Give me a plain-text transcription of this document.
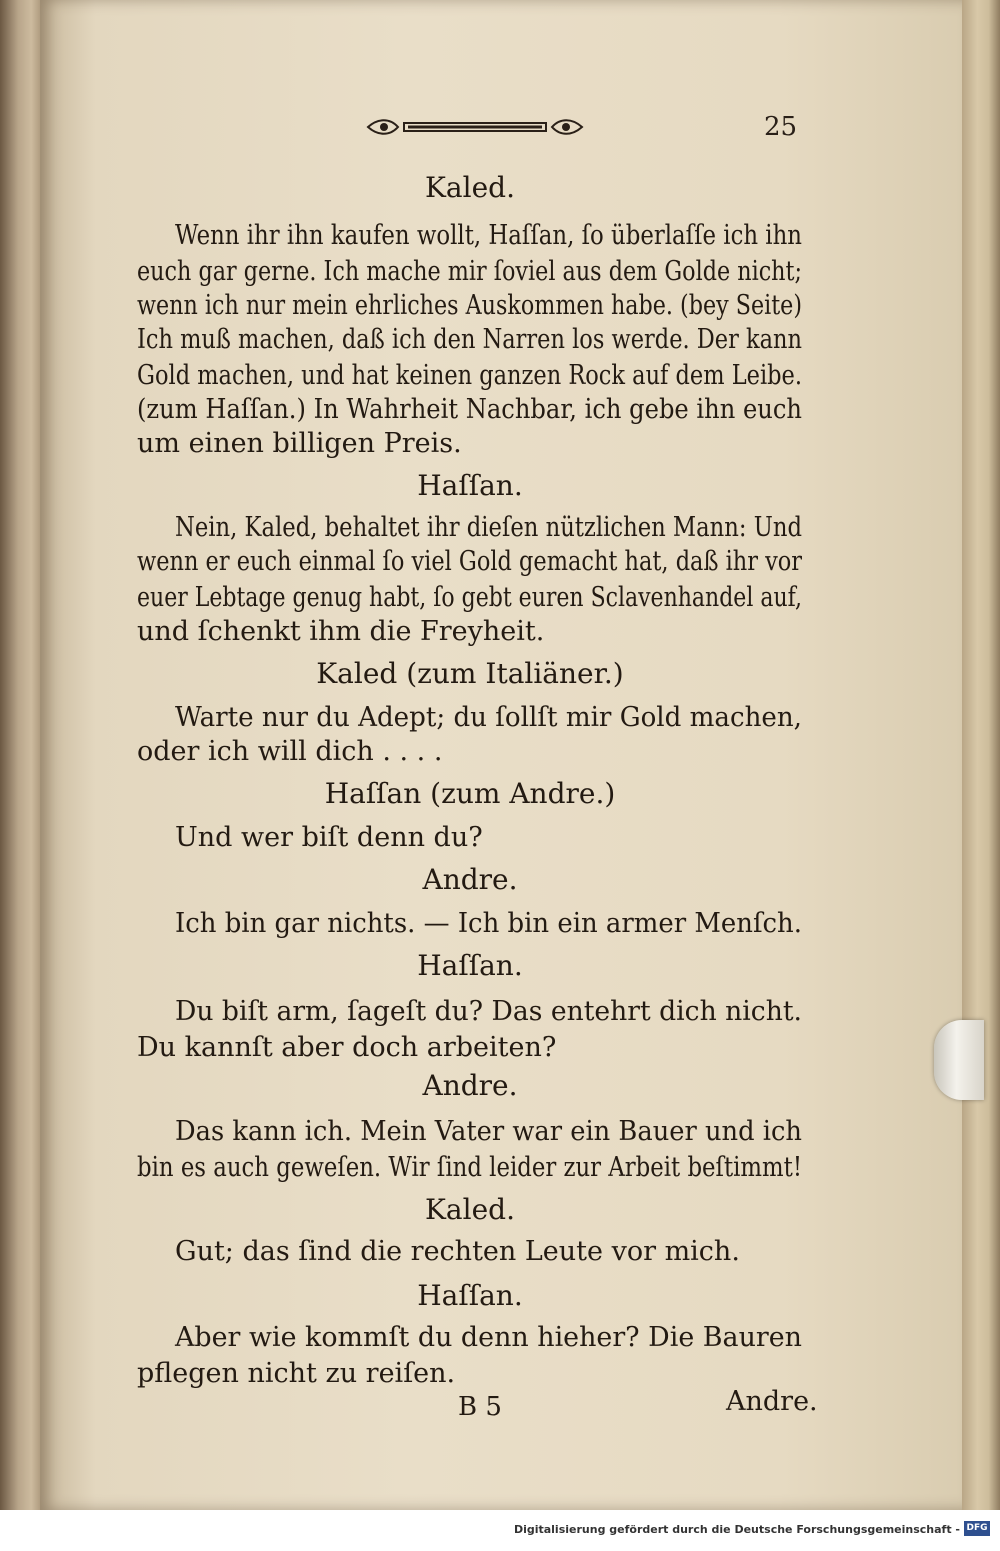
25
Kaled.
Wenn ihr ihn kaufen wollt, Haſſan, ſo überlaſſe ich ihn
euch gar gerne. Ich mache mir ſoviel aus dem Golde nicht;
wenn ich nur mein ehrliches Auskommen habe. (bey Seite)
Ich muß machen, daß ich den Narren los werde. Der kann
Gold machen, und hat keinen ganzen Rock auf dem Leibe.
(zum Haſſan.) In Wahrheit Nachbar, ich gebe ihn euch
um einen billigen Preis.
Haſſan.
Nein, Kaled, behaltet ihr dieſen nützlichen Mann: Und
wenn er euch einmal ſo viel Gold gemacht hat, daß ihr vor
euer Lebtage genug habt, ſo gebt euren Sclavenhandel auf,
und ſchenkt ihm die Freyheit.
Kaled (zum Italiäner.)
Warte nur du Adept; du ſollſt mir Gold machen,
oder ich will dich . . . .
Haſſan (zum Andre.)
Und wer biſt denn du?
Andre.
Ich bin gar nichts. — Ich bin ein armer Menſch.
Haſſan.
Du biſt arm, ſageſt du? Das entehrt dich nicht.
Du kannſt aber doch arbeiten?
Andre.
Das kann ich. Mein Vater war ein Bauer und ich
bin es auch geweſen. Wir ſind leider zur Arbeit beſtimmt!
Kaled.
Gut; das ſind die rechten Leute vor mich.
Haſſan.
Aber wie kommſt du denn hieher? Die Bauren
pflegen nicht zu reiſen.
B 5	Andre.
Digitalisierung gefördert durch die Deutsche Forschungsgemeinschaft - DFG
